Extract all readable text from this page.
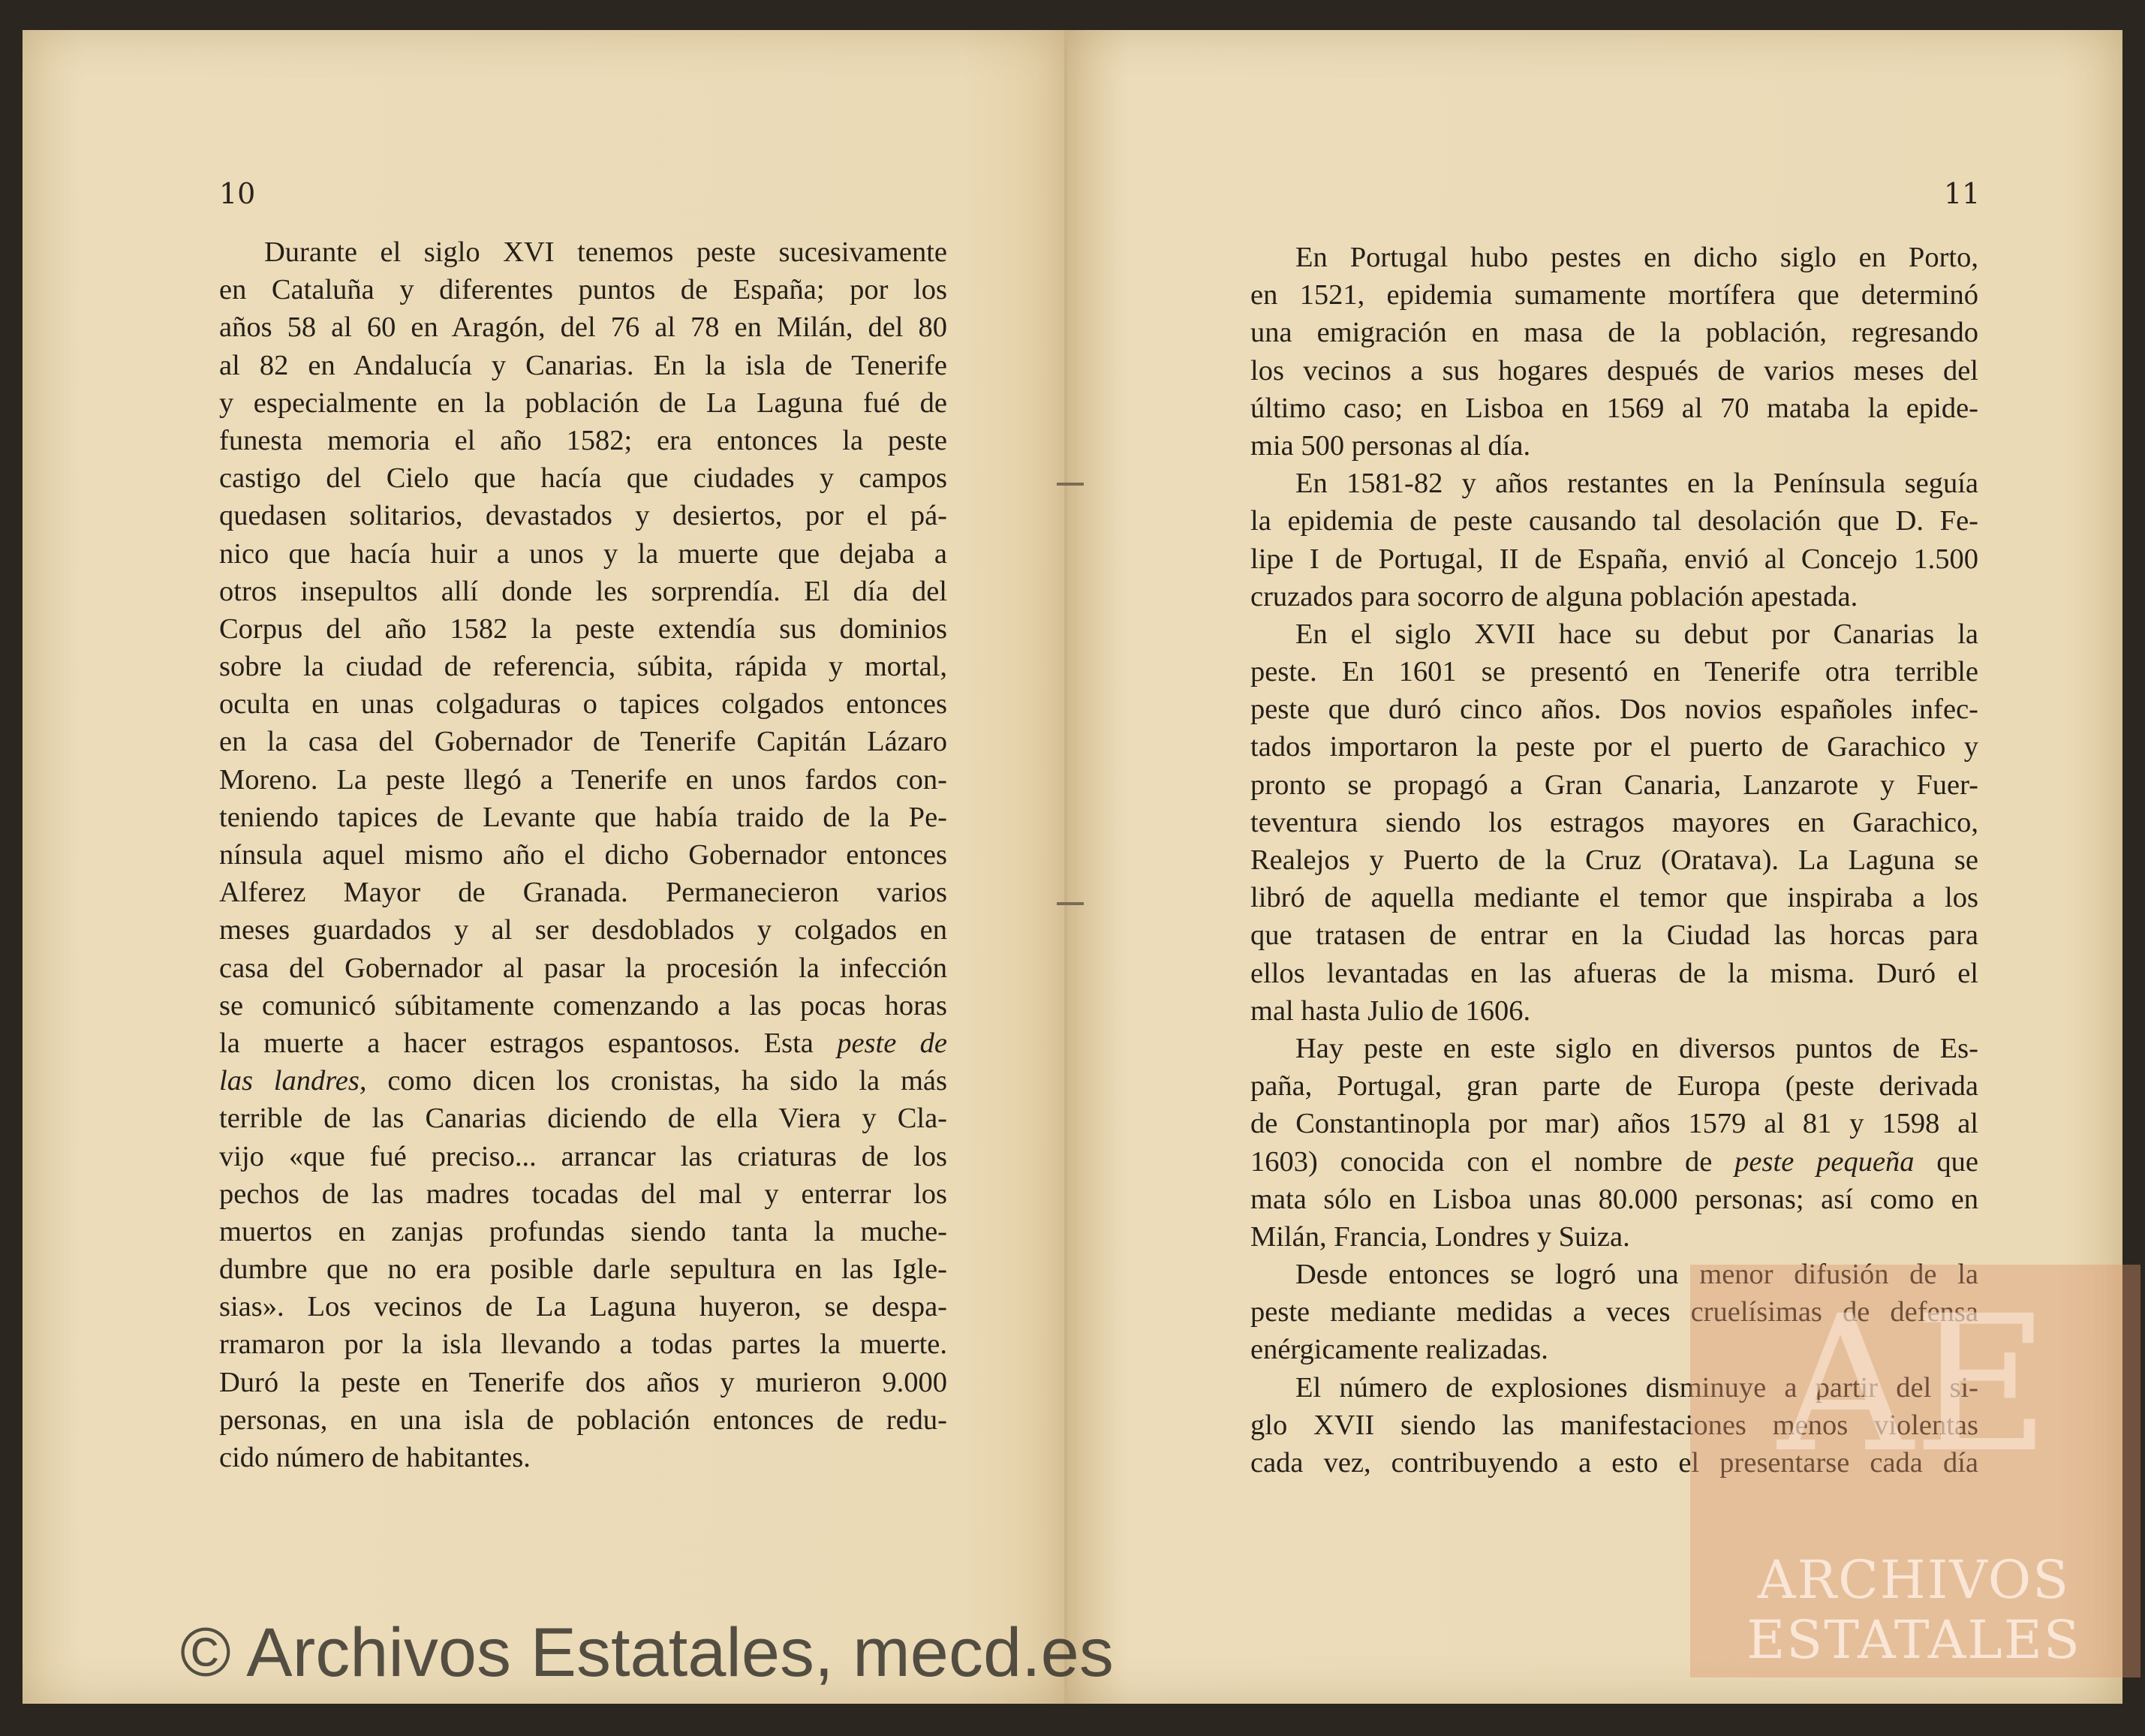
10	11
Durante el siglo XVI tenemos peste sucesivamente
en Cataluña y diferentes puntos de España; por los
años 58 al 60 en Aragón, del 76 al 78 en Milán, del 80
al 82 en Andalucía y Canarias. En la isla de Tenerife
y especialmente en la población de La Laguna fué de
funesta memoria el año 1582; era entonces la peste
castigo del Cielo que hacía que ciudades y campos
quedasen solitarios, devastados y desiertos, por el pá-
nico que hacía huir a unos y la muerte que dejaba a
otros insepultos allí donde les sorprendía. El día del
Corpus del año 1582 la peste extendía sus dominios
sobre la ciudad de referencia, súbita, rápida y mortal,
oculta en unas colgaduras o tapices colgados entonces
en la casa del Gobernador de Tenerife Capitán Lázaro
Moreno. La peste llegó a Tenerife en unos fardos con-
teniendo tapices de Levante que había traido de la Pe-
nínsula aquel mismo año el dicho Gobernador entonces
Alferez Mayor de Granada. Permanecieron varios
meses guardados y al ser desdoblados y colgados en
casa del Gobernador al pasar la procesión la infección
se comunicó súbitamente comenzando a las pocas horas
la muerte a hacer estragos espantosos. Esta peste de
las landres, como dicen los cronistas, ha sido la más
terrible de las Canarias diciendo de ella Viera y Cla-
vijo «que fué preciso... arrancar las criaturas de los
pechos de las madres tocadas del mal y enterrar los
muertos en zanjas profundas siendo tanta la muche-
dumbre que no era posible darle sepultura en las Igle-
sias». Los vecinos de La Laguna huyeron, se despa-
rramaron por la isla llevando a todas partes la muerte.
Duró la peste en Tenerife dos años y murieron 9.000
personas, en una isla de población entonces de redu-
cido número de habitantes.
En Portugal hubo pestes en dicho siglo en Porto,
en 1521, epidemia sumamente mortífera que determinó
una emigración en masa de la población, regresando
los vecinos a sus hogares después de varios meses del
último caso; en Lisboa en 1569 al 70 mataba la epide-
mia 500 personas al día.
En 1581-82 y años restantes en la Península seguía
la epidemia de peste causando tal desolación que D. Fe-
lipe I de Portugal, II de España, envió al Concejo 1.500
cruzados para socorro de alguna población apestada.
En el siglo XVII hace su debut por Canarias la
peste. En 1601 se presentó en Tenerife otra terrible
peste que duró cinco años. Dos novios españoles infec-
tados importaron la peste por el puerto de Garachico y
pronto se propagó a Gran Canaria, Lanzarote y Fuer-
teventura siendo los estragos mayores en Garachico,
Realejos y Puerto de la Cruz (Oratava). La Laguna se
libró de aquella mediante el temor que inspiraba a los
que tratasen de entrar en la Ciudad las horcas para
ellos levantadas en las afueras de la misma. Duró el
mal hasta Julio de 1606.
Hay peste en este siglo en diversos puntos de Es-
paña, Portugal, gran parte de Europa (peste derivada
de Constantinopla por mar) años 1579 al 81 y 1598 al
1603) conocida con el nombre de peste pequeña que
mata sólo en Lisboa unas 80.000 personas; así como en
Milán, Francia, Londres y Suiza.
Desde entonces se logró una menor difusión de la
peste mediante medidas a veces cruelísimas de defensa
enérgicamente realizadas.
El número de explosiones disminuye a partir del si-
glo XVII siendo las manifestaciones menos violentas
cada vez, contribuyendo a esto el presentarse cada día
AE
ARCHIVOS
ESTATALES
© Archivos Estatales, mecd.es
